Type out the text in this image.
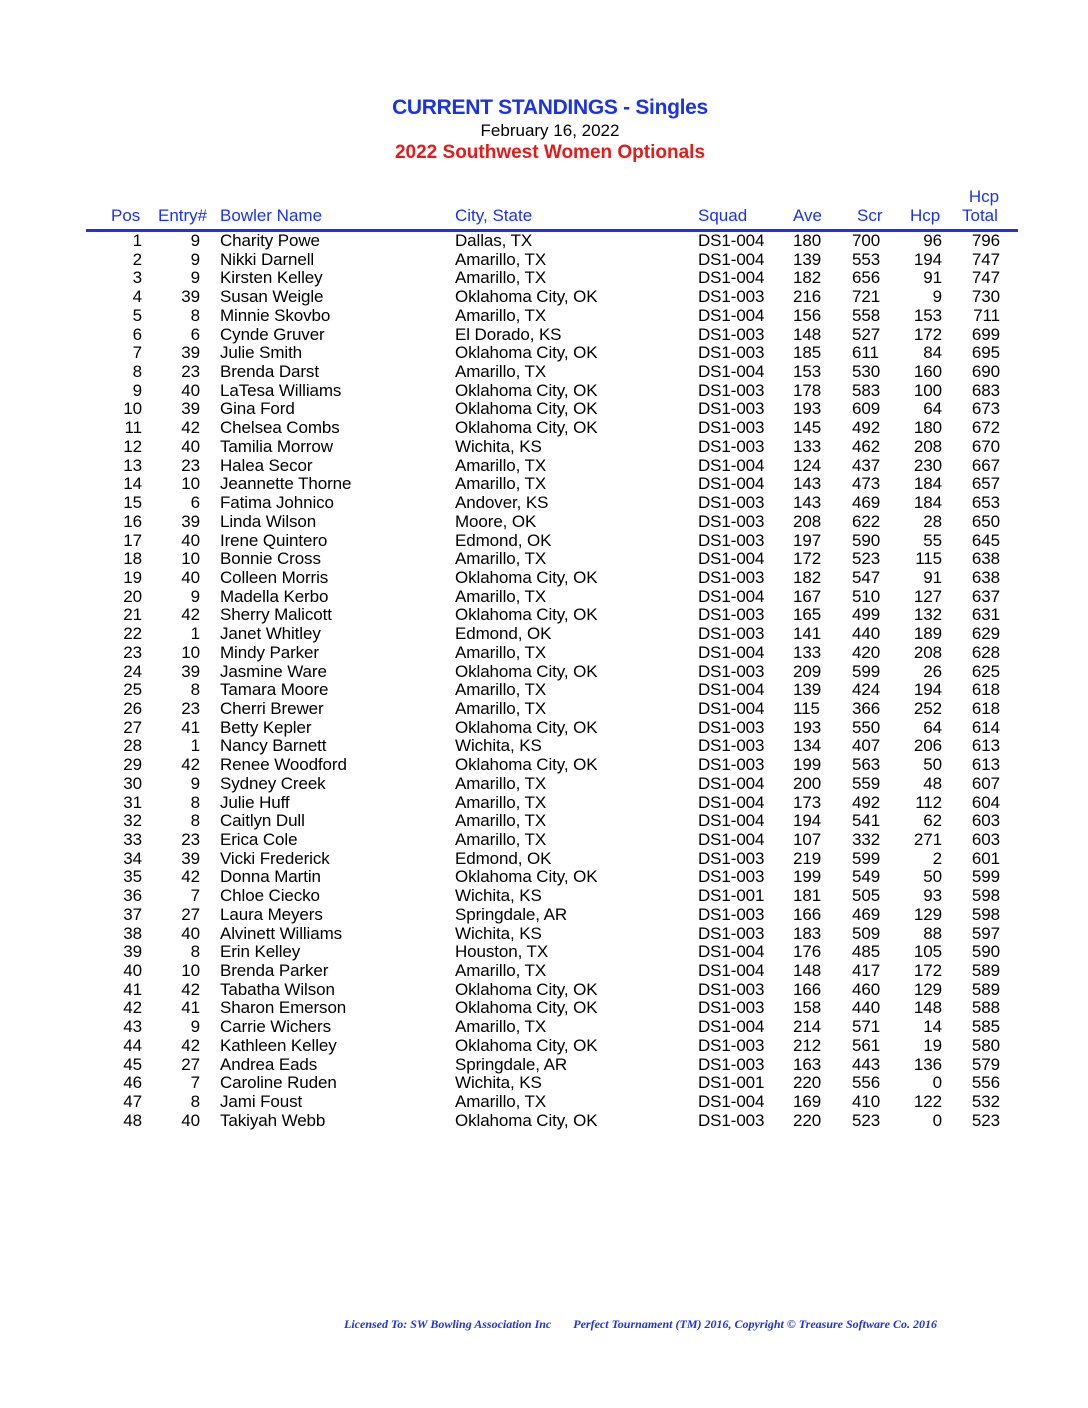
CURRENT STANDINGS - Singles
February 16, 2022
2022 Southwest Women Optionals
Pos Entry# Bowler Name	City, State	Squad	Ave Scr Hcp
Hcp
Total
1	9 Charity Powe	Dallas, TX	DS1-004 180 700	96 796
2	9 Nikki Darnell	Amarillo, TX	DS1-004 139 553 194 747
3	9 Kirsten Kelley	Amarillo, TX	DS1-004 182 656	91 747
4 39 Susan Weigle	Oklahoma City, OK	DS1-003 216 721	9 730
5	8 Minnie Skovbo	Amarillo, TX	DS1-004 156 558 153 711
6	6 Cynde Gruver	El Dorado, KS	DS1-003 148 527 172 699
7 39 Julie Smith	Oklahoma City, OK	DS1-003 185 611	84 695
8 23 Brenda Darst	Amarillo, TX	DS1-004 153 530 160 690
9 40 LaTesa Williams	Oklahoma City, OK	DS1-003 178 583 100 683
10 39 Gina Ford	Oklahoma City, OK	DS1-003 193 609	64 673
11 42 Chelsea Combs	Oklahoma City, OK	DS1-003 145 492 180 672
12 40 Tamilia Morrow	Wichita, KS	DS1-003 133 462 208 670
13 23 Halea Secor	Amarillo, TX	DS1-004 124 437 230 667
14 10 Jeannette Thorne	Amarillo, TX	DS1-004 143 473 184 657
15	6 Fatima Johnico	Andover, KS	DS1-003 143 469 184 653
16 39 Linda Wilson	Moore, OK	DS1-003 208 622	28 650
17 40 Irene Quintero	Edmond, OK	DS1-003 197 590	55 645
18 10 Bonnie Cross	Amarillo, TX	DS1-004 172 523 115 638
19 40 Colleen Morris	Oklahoma City, OK	DS1-003 182 547	91 638
20	9 Madella Kerbo	Amarillo, TX	DS1-004 167 510 127 637
21 42 Sherry Malicott	Oklahoma City, OK	DS1-003 165 499 132 631
22	1 Janet Whitley	Edmond, OK	DS1-003 141 440 189 629
23 10 Mindy Parker	Amarillo, TX	DS1-004 133 420 208 628
24 39 Jasmine Ware	Oklahoma City, OK	DS1-003 209 599	26 625
25	8 Tamara Moore	Amarillo, TX	DS1-004 139 424 194 618
26 23 Cherri Brewer	Amarillo, TX	DS1-004 115 366 252 618
27 41 Betty Kepler	Oklahoma City, OK	DS1-003 193 550	64 614
28	1 Nancy Barnett	Wichita, KS	DS1-003 134 407 206 613
29 42 Renee Woodford	Oklahoma City, OK	DS1-003 199 563	50 613
30	9 Sydney Creek	Amarillo, TX	DS1-004 200 559	48 607
31	8 Julie Huff	Amarillo, TX	DS1-004 173 492 112 604
32	8 Caitlyn Dull	Amarillo, TX	DS1-004 194 541	62 603
33 23 Erica Cole	Amarillo, TX	DS1-004 107 332 271 603
34 39 Vicki Frederick	Edmond, OK	DS1-003 219 599	2 601
35 42 Donna Martin	Oklahoma City, OK	DS1-003 199 549	50 599
36	7 Chloe Ciecko	Wichita, KS	DS1-001 181 505	93 598
37 27 Laura Meyers	Springdale, AR	DS1-003 166 469 129 598
38 40 Alvinett Williams	Wichita, KS	DS1-003 183 509	88 597
39	8 Erin Kelley	Houston, TX	DS1-004 176 485 105 590
40 10 Brenda Parker	Amarillo, TX	DS1-004 148 417 172 589
41 42 Tabatha Wilson	Oklahoma City, OK	DS1-003 166 460 129 589
42 41 Sharon Emerson	Oklahoma City, OK	DS1-003 158 440 148 588
43	9 Carrie Wichers	Amarillo, TX	DS1-004 214 571	14 585
44 42 Kathleen Kelley	Oklahoma City, OK	DS1-003 212 561	19 580
45 27 Andrea Eads	Springdale, AR	DS1-003 163 443 136 579
46	7 Caroline Ruden	Wichita, KS	DS1-001 220 556	0 556
47	8 Jami Foust	Amarillo, TX	DS1-004 169 410 122 532
48 40 Takiyah Webb	Oklahoma City, OK	DS1-003 220 523	0 523
Licensed To: SW Bowling Association Inc Perfect Tournament (TM) 2016, Copyright © Treasure Software Co. 2016
